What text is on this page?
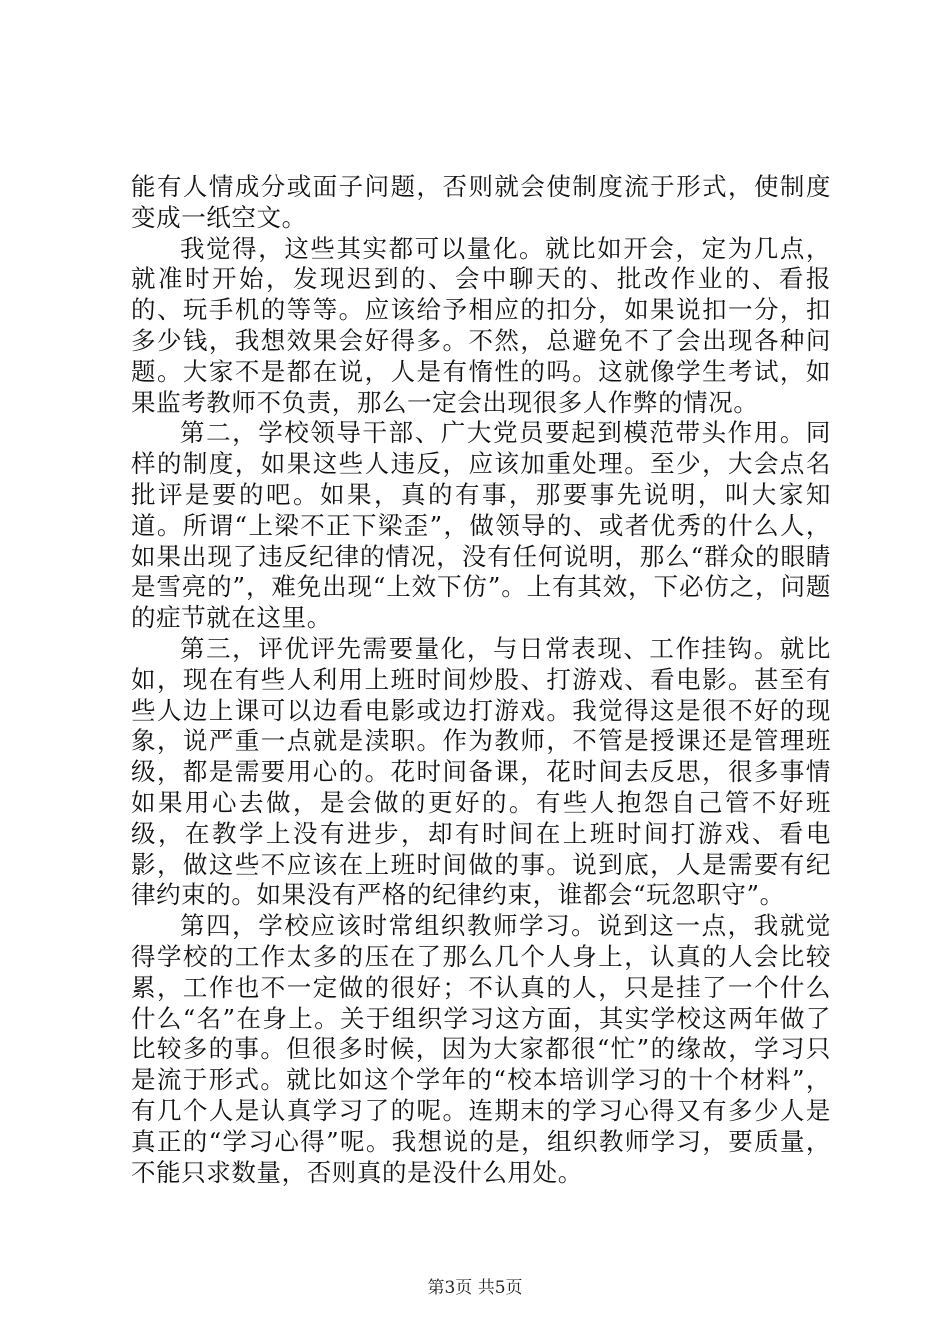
能有人情成分或面子问题，否则就会使制度流于形式，使制度变成一纸空文。

我觉得，这些其实都可以量化。就比如开会，定为几点，就准时开始，发现迟到的、会中聊天的、批改作业的、看报的、玩手机的等等。应该给予相应的扣分，如果说扣一分，扣多少钱，我想效果会好得多。不然，总避免不了会出现各种问题。大家不是都在说，人是有惰性的吗。这就像学生考试，如果监考教师不负责，那么一定会出现很多人作弊的情况。

第二，学校领导干部、广大党员要起到模范带头作用。同样的制度，如果这些人违反，应该加重处理。至少，大会点名批评是要的吧。如果，真的有事，那要事先说明，叫大家知道。所谓“上梁不正下梁歪”，做领导的、或者优秀的什么人，如果出现了违反纪律的情况，没有任何说明，那么“群众的眼睛是雪亮的”，难免出现“上效下仿”。上有其效，下必仿之，问题的症节就在这里。

第三，评优评先需要量化，与日常表现、工作挂钩。就比如，现在有些人利用上班时间炒股、打游戏、看电影。甚至有些人边上课可以边看电影或边打游戏。我觉得这是很不好的现象，说严重一点就是渎职。作为教师，不管是授课还是管理班级，都是需要用心的。花时间备课，花时间去反思，很多事情如果用心去做，是会做的更好的。有些人抱怨自己管不好班级，在教学上没有进步，却有时间在上班时间打游戏、看电影，做这些不应该在上班时间做的事。说到底，人是需要有纪律约束的。如果没有严格的纪律约束，谁都会“玩忽职守”。

第四，学校应该时常组织教师学习。说到这一点，我就觉得学校的工作太多的压在了那么几个人身上，认真的人会比较累，工作也不一定做的很好；不认真的人，只是挂了一个什么什么“名”在身上。关于组织学习这方面，其实学校这两年做了比较多的事。但很多时候，因为大家都很“忙”的缘故，学习只是流于形式。就比如这个学年的“校本培训学习的十个材料”，有几个人是认真学习了的呢。连期末的学习心得又有多少人是真正的“学习心得”呢。我想说的是，组织教师学习，要质量，不能只求数量，否则真的是没什么用处。

第3页 共5页
